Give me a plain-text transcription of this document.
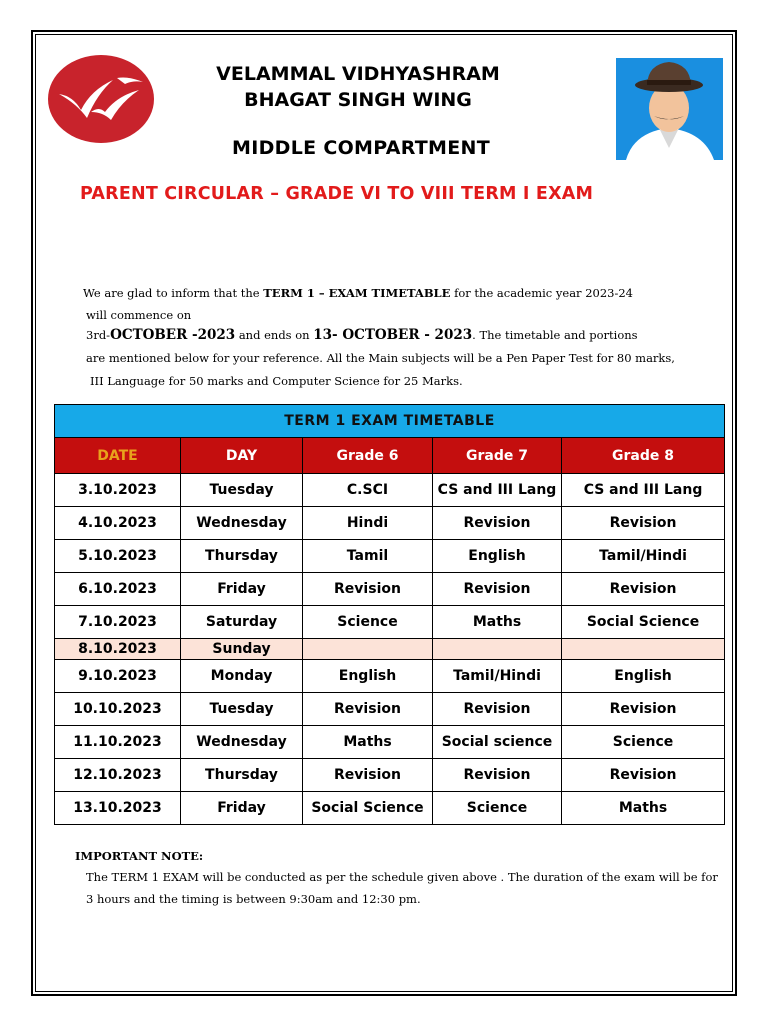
VELAMMAL VIDHYASHRAM
BHAGAT SINGH WING
MIDDLE COMPARTMENT
PARENT CIRCULAR – GRADE VI TO VIII TERM I EXAM
We are glad to inform that the TERM 1 – EXAM TIMETABLE for the academic year 2023-24
will commence on
3rd-OCTOBER -2023 and ends on 13- OCTOBER - 2023. The timetable and portions
are mentioned below for your reference. All the Main subjects will be a Pen Paper Test for 80 marks,
III Language for 50 marks and Computer Science for 25 Marks.
TERM 1 EXAM TIMETABLE				
DATE	DAY	Grade 6	Grade 7	Grade 8
3.10.2023	Tuesday	C.SCI	CS and III Lang	CS and III Lang
4.10.2023	Wednesday	Hindi	Revision	Revision
5.10.2023	Thursday	Tamil	English	Tamil/Hindi
6.10.2023	Friday	Revision	Revision	Revision
7.10.2023	Saturday	Science	Maths	Social Science
8.10.2023	Sunday			
9.10.2023	Monday	English	Tamil/Hindi	English
10.10.2023	Tuesday	Revision	Revision	Revision
11.10.2023	Wednesday	Maths	Social science	Science
12.10.2023	Thursday	Revision	Revision	Revision
13.10.2023	Friday	Social Science	Science	Maths
IMPORTANT NOTE:
The TERM 1 EXAM will be conducted as per the schedule given above . The duration of the exam will be for
3 hours and the timing is between 9:30am and 12:30 pm.
